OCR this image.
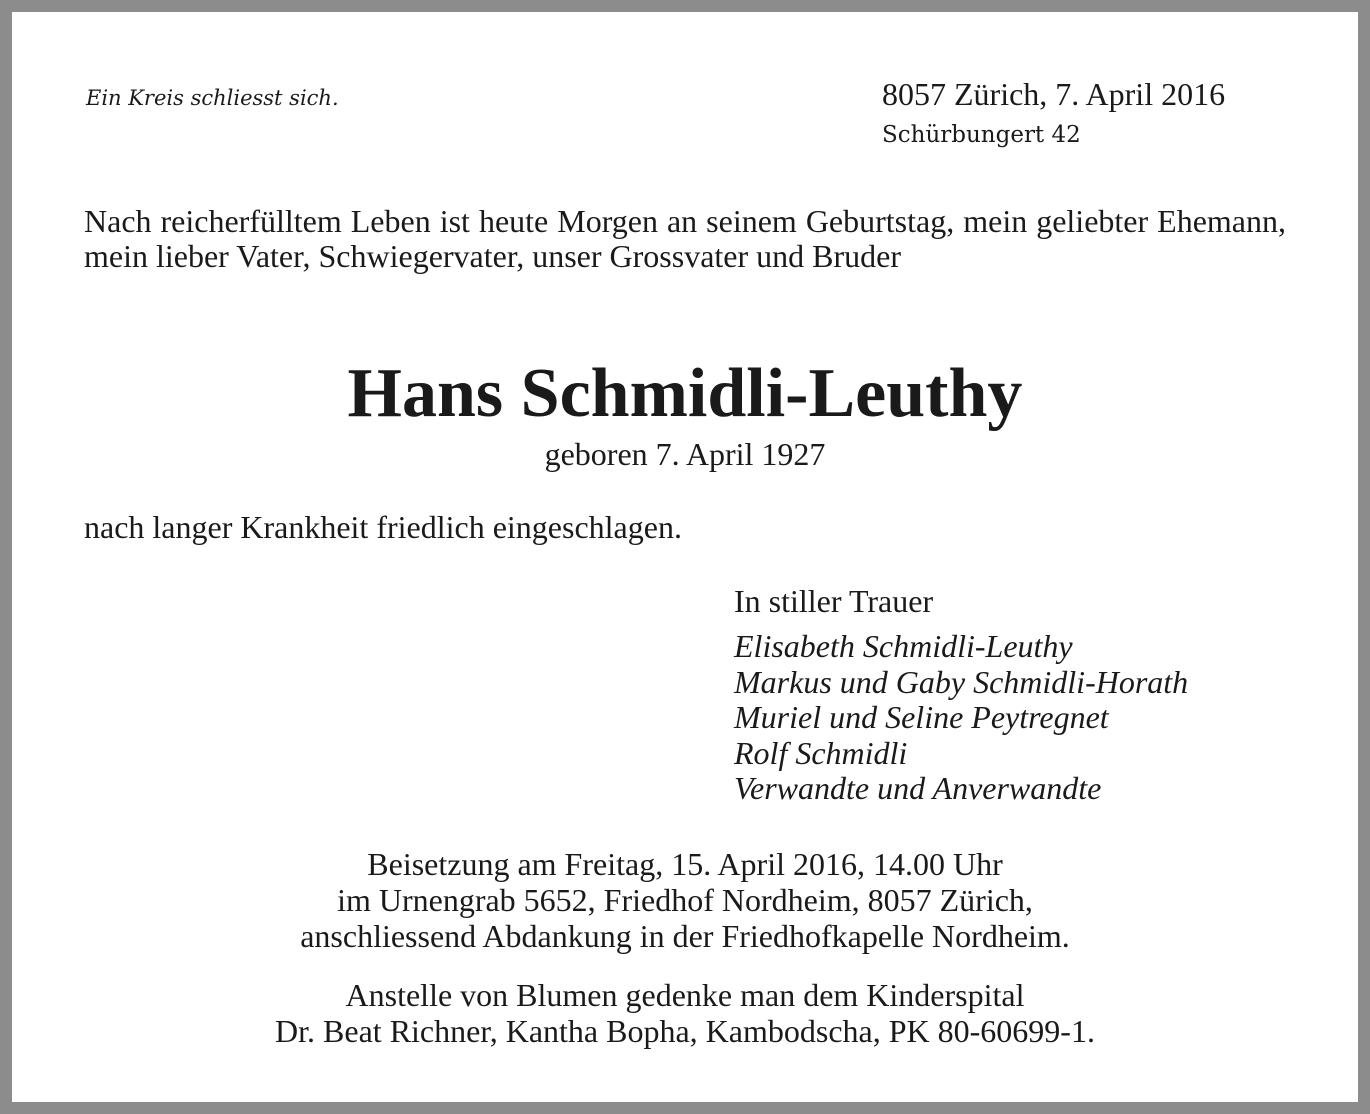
Ein Kreis schliesst sich.	8057 Zürich, 7. April 2016
Schürbungert 42
Nach reicherfülltem Leben ist heute Morgen an seinem Geburtstag, mein geliebter Ehemann, mein lieber Vater, Schwiegervater, unser Grossvater und Bruder
Hans Schmidli-Leuthy
geboren 7. April 1927
nach langer Krankheit friedlich eingeschlagen.
In stiller Trauer
Elisabeth Schmidli-Leuthy
Markus und Gaby Schmidli-Horath
Muriel und Seline Peytregnet
Rolf Schmidli
Verwandte und Anverwandte
Beisetzung am Freitag, 15. April 2016, 14.00 Uhr
im Urnengrab 5652, Friedhof Nordheim, 8057 Zürich,
anschliessend Abdankung in der Friedhofkapelle Nordheim.
Anstelle von Blumen gedenke man dem Kinderspital
Dr. Beat Richner, Kantha Bopha, Kambodscha, PK 80-60699-1.
